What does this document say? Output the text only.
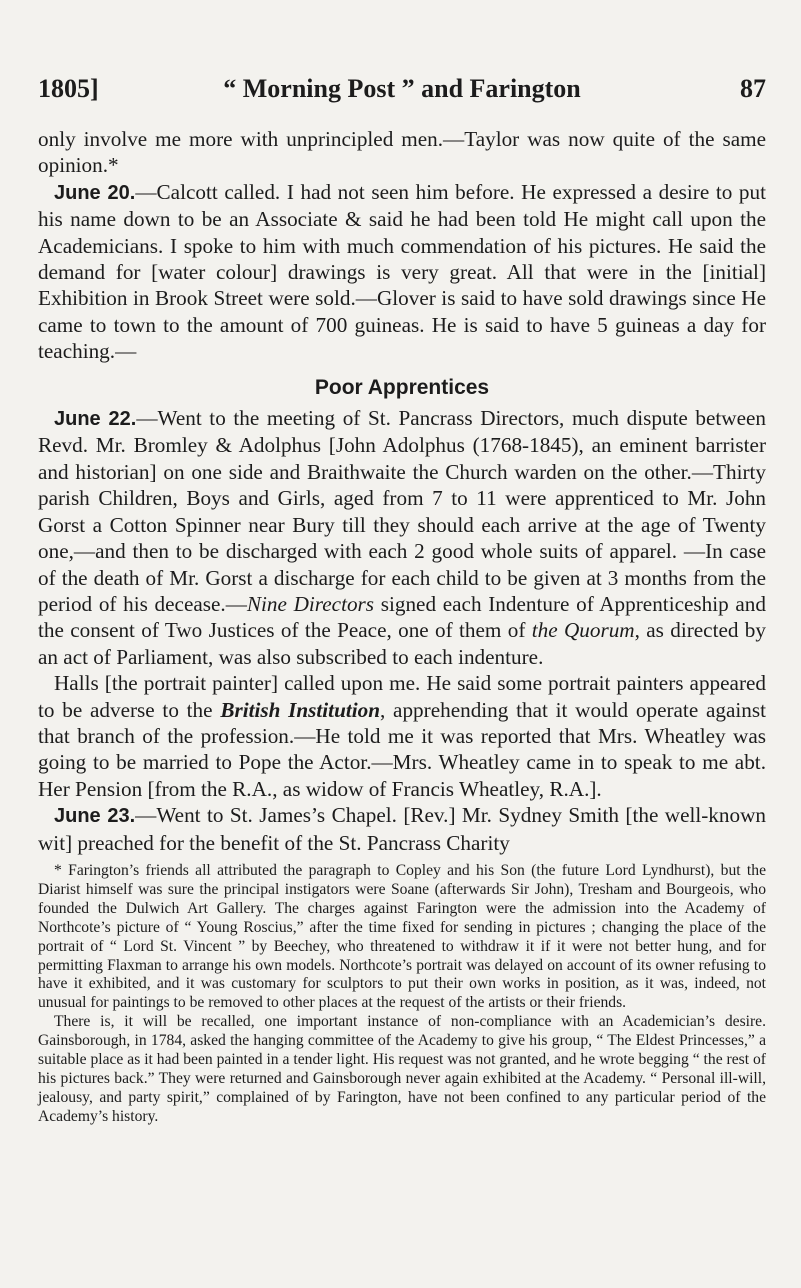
1805]	“ Morning Post ” and Farington	87

only involve me more with unprincipled men.—Taylor was now quite of the same opinion.*

June 20.—Calcott called. I had not seen him before. He expressed a desire to put his name down to be an Associate & said he had been told He might call upon the Academicians. I spoke to him with much commendation of his pictures. He said the demand for [water colour] drawings is very great. All that were in the [initial] Exhibition in Brook Street were sold.—Glover is said to have sold drawings since He came to town to the amount of 700 guineas. He is said to have 5 guineas a day for teaching.—

Poor Apprentices

June 22.—Went to the meeting of St. Pancrass Directors, much dispute between Revd. Mr. Bromley & Adolphus [John Adolphus (1768-1845), an eminent barrister and historian] on one side and Braithwaite the Church warden on the other.—Thirty parish Children, Boys and Girls, aged from 7 to 11 were apprenticed to Mr. John Gorst a Cotton Spinner near Bury till they should each arrive at the age of Twenty one,—and then to be discharged with each 2 good whole suits of apparel. —In case of the death of Mr. Gorst a discharge for each child to be given at 3 months from the period of his decease.—Nine Directors signed each Indenture of Apprenticeship and the consent of Two Justices of the Peace, one of them of the Quorum, as directed by an act of Parliament, was also subscribed to each indenture.

Halls [the portrait painter] called upon me. He said some portrait painters appeared to be adverse to the British Institution, apprehending that it would operate against that branch of the profession.—He told me it was reported that Mrs. Wheatley was going to be married to Pope the Actor.—Mrs. Wheatley came in to speak to me abt. Her Pension [from the R.A., as widow of Francis Wheatley, R.A.].

June 23.—Went to St. James’s Chapel. [Rev.] Mr. Sydney Smith [the well-known wit] preached for the benefit of the St. Pancrass Charity

* Farington’s friends all attributed the paragraph to Copley and his Son (the future Lord Lyndhurst), but the Diarist himself was sure the principal instigators were Soane (afterwards Sir John), Tresham and Bourgeois, who founded the Dulwich Art Gallery. The charges against Farington were the admission into the Academy of Northcote’s picture of “ Young Roscius,” after the time fixed for sending in pictures ; changing the place of the portrait of “ Lord St. Vincent ” by Beechey, who threatened to withdraw it if it were not better hung, and for permitting Flaxman to arrange his own models. Northcote’s portrait was delayed on account of its owner refusing to have it exhibited, and it was customary for sculptors to put their own works in position, as it was, indeed, not unusual for paintings to be removed to other places at the request of the artists or their friends.

There is, it will be recalled, one important instance of non-compliance with an Academician’s desire. Gainsborough, in 1784, asked the hanging committee of the Academy to give his group, “ The Eldest Princesses,” a suitable place as it had been painted in a tender light. His request was not granted, and he wrote begging “ the rest of his pictures back.” They were returned and Gainsborough never again exhibited at the Academy. “ Personal ill-will, jealousy, and party spirit,” complained of by Farington, have not been confined to any particular period of the Academy’s history.
